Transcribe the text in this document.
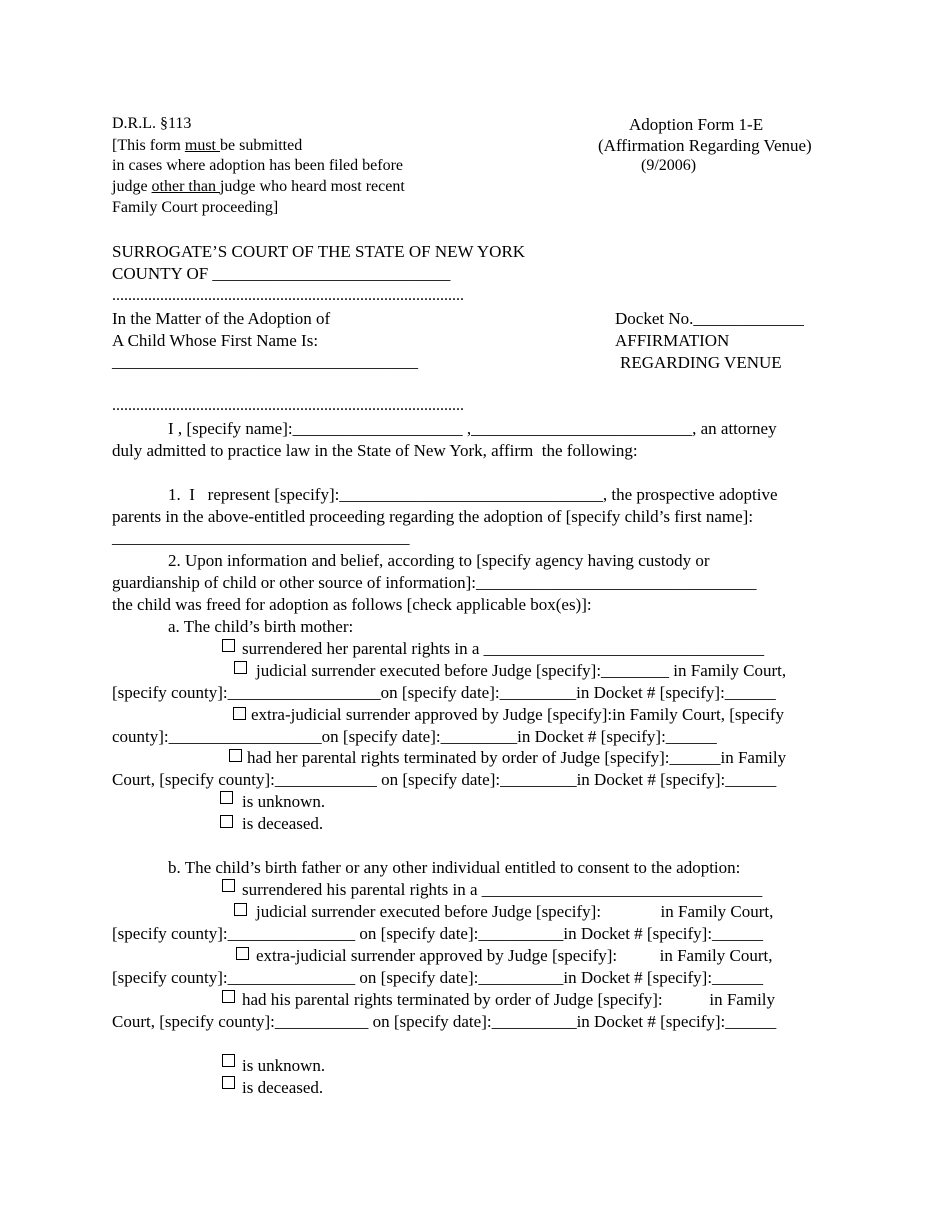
D.R.L. §113
[This form must be submitted
in cases where adoption has been filed before
judge other than judge who heard most recent
Family Court proceeding]
Adoption Form 1-E
(Affirmation Regarding Venue)
(9/2006)
SURROGATE’S COURT OF THE STATE OF NEW YORK
COUNTY OF ____________________________
........................................................................................
In the Matter of the Adoption of
A Child Whose First Name Is:
____________________________________
Docket No._____________
AFFIRMATION
REGARDING VENUE
........................................................................................
I , [specify name]:____________________ ,__________________________, an attorney
duly admitted to practice law in the State of New York, affirm  the following:
1.  I   represent [specify]:_______________________________, the prospective adoptive
parents in the above-entitled proceeding regarding the adoption of [specify child’s first name]:
___________________________________
2. Upon information and belief, according to [specify agency having custody or
guardianship of child or other source of information]:_________________________________
the child was freed for adoption as follows [check applicable box(es)]:
a. The child’s birth mother:
surrendered her parental rights in a _________________________________
judicial surrender executed before Judge [specify]:________ in Family Court,
[specify county]:__________________on [specify date]:_________in Docket # [specify]:______
extra-judicial surrender approved by Judge [specify]:in Family Court, [specify
county]:__________________on [specify date]:_________in Docket # [specify]:______
had her parental rights terminated by order of Judge [specify]:______in Family
Court, [specify county]:____________ on [specify date]:_________in Docket # [specify]:______
is unknown.
is deceased.
b. The child’s birth father or any other individual entitled to consent to the adoption:
surrendered his parental rights in a _________________________________
judicial surrender executed before Judge [specify]:              in Family Court,
[specify county]:_______________ on [specify date]:__________in Docket # [specify]:______
extra-judicial surrender approved by Judge [specify]:          in Family Court,
[specify county]:_______________ on [specify date]:__________in Docket # [specify]:______
had his parental rights terminated by order of Judge [specify]:           in Family
Court, [specify county]:___________ on [specify date]:__________in Docket # [specify]:______
is unknown.
is deceased.
